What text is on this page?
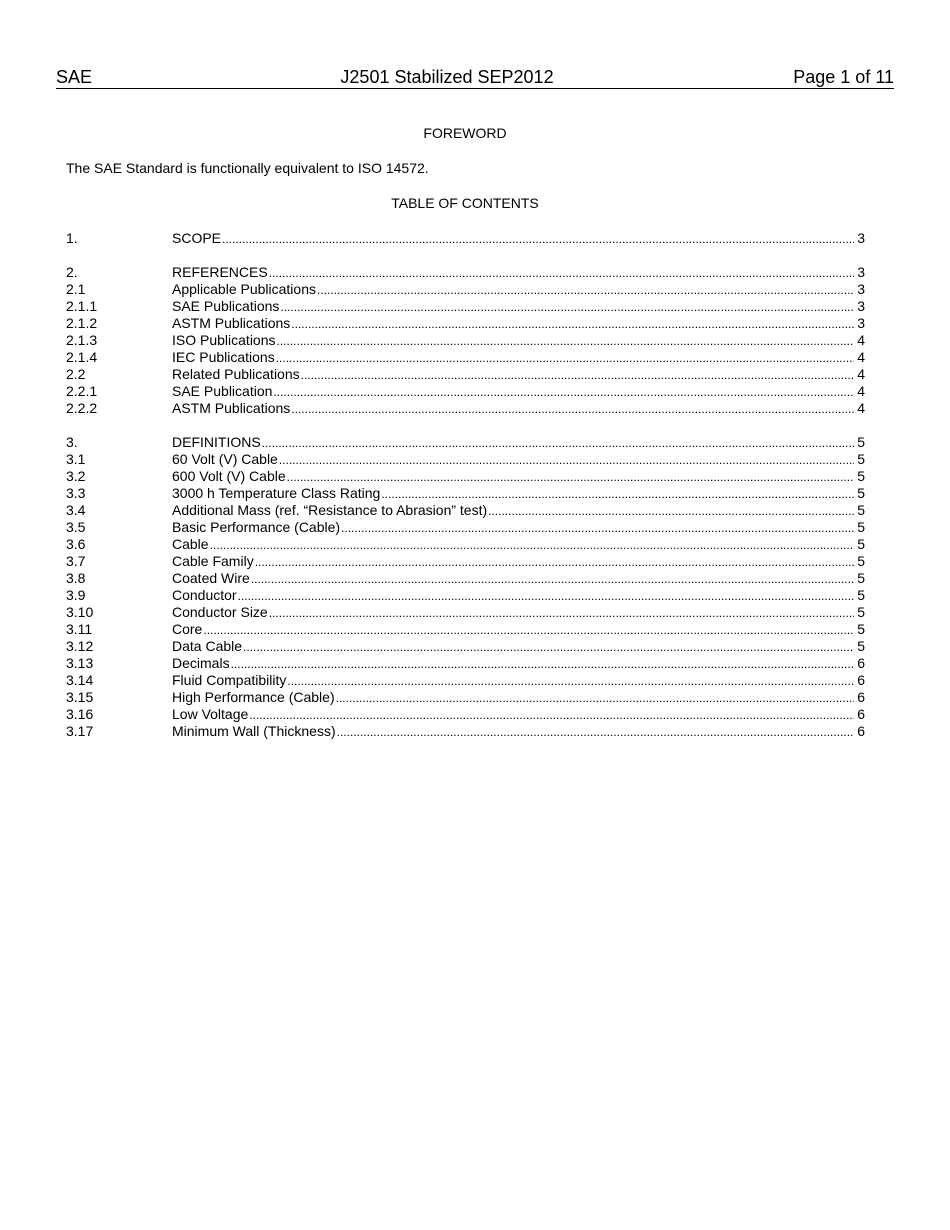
SAE	J2501 Stabilized SEP2012	Page 1 of 11
FOREWORD
The SAE Standard is functionally equivalent to ISO 14572.
TABLE OF CONTENTS
1.	SCOPE .....	3
2.	REFERENCES .....	3
2.1	Applicable Publications .....	3
2.1.1	SAE Publications .....	3
2.1.2	ASTM Publications .....	3
2.1.3	ISO Publications .....	4
2.1.4	IEC Publications .....	4
2.2	Related Publications .....	4
2.2.1	SAE Publication .....	4
2.2.2	ASTM Publications .....	4
3.	DEFINITIONS .....	5
3.1	60 Volt (V) Cable .....	5
3.2	600 Volt (V) Cable .....	5
3.3	3000 h Temperature Class Rating .....	5
3.4	Additional Mass (ref. “Resistance to Abrasion” test) .....	5
3.5	Basic Performance (Cable) .....	5
3.6	Cable .....	5
3.7	Cable Family .....	5
3.8	Coated Wire .....	5
3.9	Conductor .....	5
3.10	Conductor Size .....	5
3.11	Core .....	5
3.12	Data Cable .....	5
3.13	Decimals .....	6
3.14	Fluid Compatibility .....	6
3.15	High Performance (Cable) .....	6
3.16	Low Voltage .....	6
3.17	Minimum Wall (Thickness) .....	6
